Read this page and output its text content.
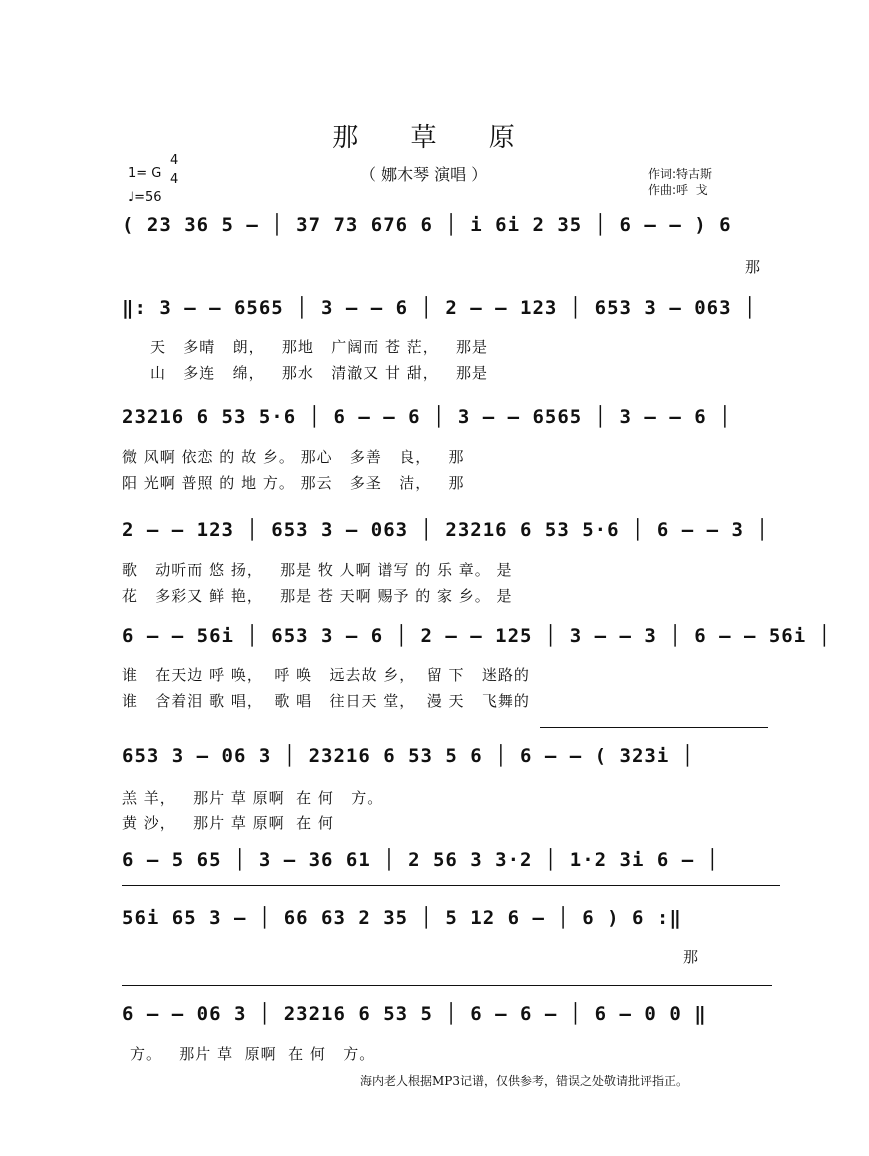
那 草 原
（ 娜木琴 演唱 ）	作词:特古斯
作曲:呼  戈
1= G
4
4
♩=56
( 23 36 5 – │ 37 73 676 6 │ i 6i 2 35 │ 6 – – ) 6
那
‖: 3 – – 6565 │ 3 – – 6 │ 2 – – 123 │ 653 3 – 063 │
天   多晴   朗，   那地   广阔而 苍 茫，   那是
山   多连   绵，   那水   清澈又 甘 甜，   那是
23216 6 53 5·6 │ 6 – – 6 │ 3 – – 6565 │ 3 – – 6 │
微 风啊 依恋 的 故 乡。 那心   多善   良，   那
阳 光啊 普照 的 地 方。 那云   多圣   洁，   那
2 – – 123 │ 653 3 – 063 │ 23216 6 53 5·6 │ 6 – – 3 │
歌   动听而 悠 扬，   那是 牧 人啊 谱写 的 乐 章。 是
花   多彩又 鲜 艳，   那是 苍 天啊 赐予 的 家 乡。 是
6 – – 56i │ 653 3 – 6 │ 2 – – 125 │ 3 – – 3 │ 6 – – 56i │
谁   在天边 呼 唤，  呼 唤   远去故 乡，  留 下   迷路的
谁   含着泪 歌 唱，  歌 唱   往日天 堂，  漫 天   飞舞的
653 3 – 06 3 │ 23216 6 53 5 6 │ 6 – – ( 323i │
羔 羊，   那片 草 原啊  在 何   方。
黄 沙，   那片 草 原啊  在 何
6 – 5 65 │ 3 – 36 61 │ 2 56 3 3·2 │ 1·2 3i 6 – │
56i 65 3 – │ 66 63 2 35 │ 5 12 6 – │ 6 ) 6 :‖
那
6 – – 06 3 │ 23216 6 53 5 │ 6 – 6 – │ 6 – 0 0 ‖
方。   那片 草  原啊  在 何   方。
海内老人根据MP3记谱，仅供参考，错误之处敬请批评指正。
